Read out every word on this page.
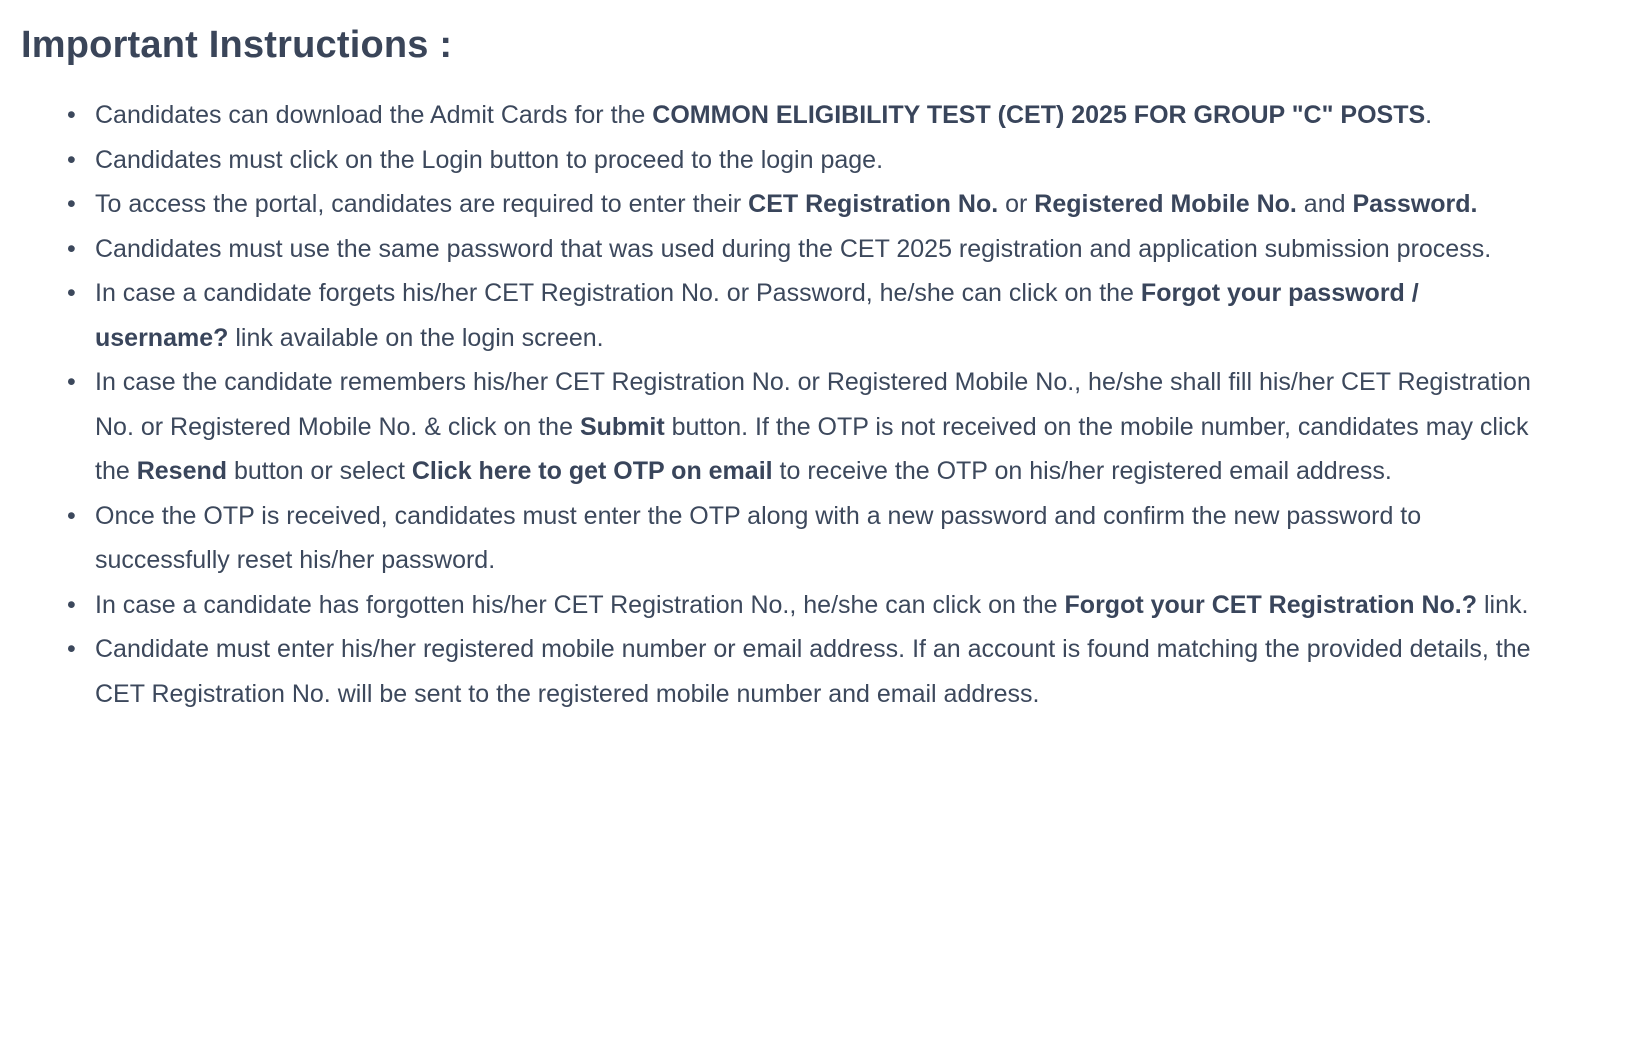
Important Instructions :
• Candidates can download the Admit Cards for the COMMON ELIGIBILITY TEST (CET) 2025 FOR GROUP "C" POSTS.
• Candidates must click on the Login button to proceed to the login page.
• To access the portal, candidates are required to enter their CET Registration No. or Registered Mobile No. and Password.
• Candidates must use the same password that was used during the CET 2025 registration and application submission process.
• In case a candidate forgets his/her CET Registration No. or Password, he/she can click on the Forgot your password / username? link available on the login screen.
• In case the candidate remembers his/her CET Registration No. or Registered Mobile No., he/she shall fill his/her CET Registration No. or Registered Mobile No. & click on the Submit button. If the OTP is not received on the mobile number, candidates may click the Resend button or select Click here to get OTP on email to receive the OTP on his/her registered email address.
• Once the OTP is received, candidates must enter the OTP along with a new password and confirm the new password to successfully reset his/her password.
• In case a candidate has forgotten his/her CET Registration No., he/she can click on the Forgot your CET Registration No.? link.
• Candidate must enter his/her registered mobile number or email address. If an account is found matching the provided details, the CET Registration No. will be sent to the registered mobile number and email address.
